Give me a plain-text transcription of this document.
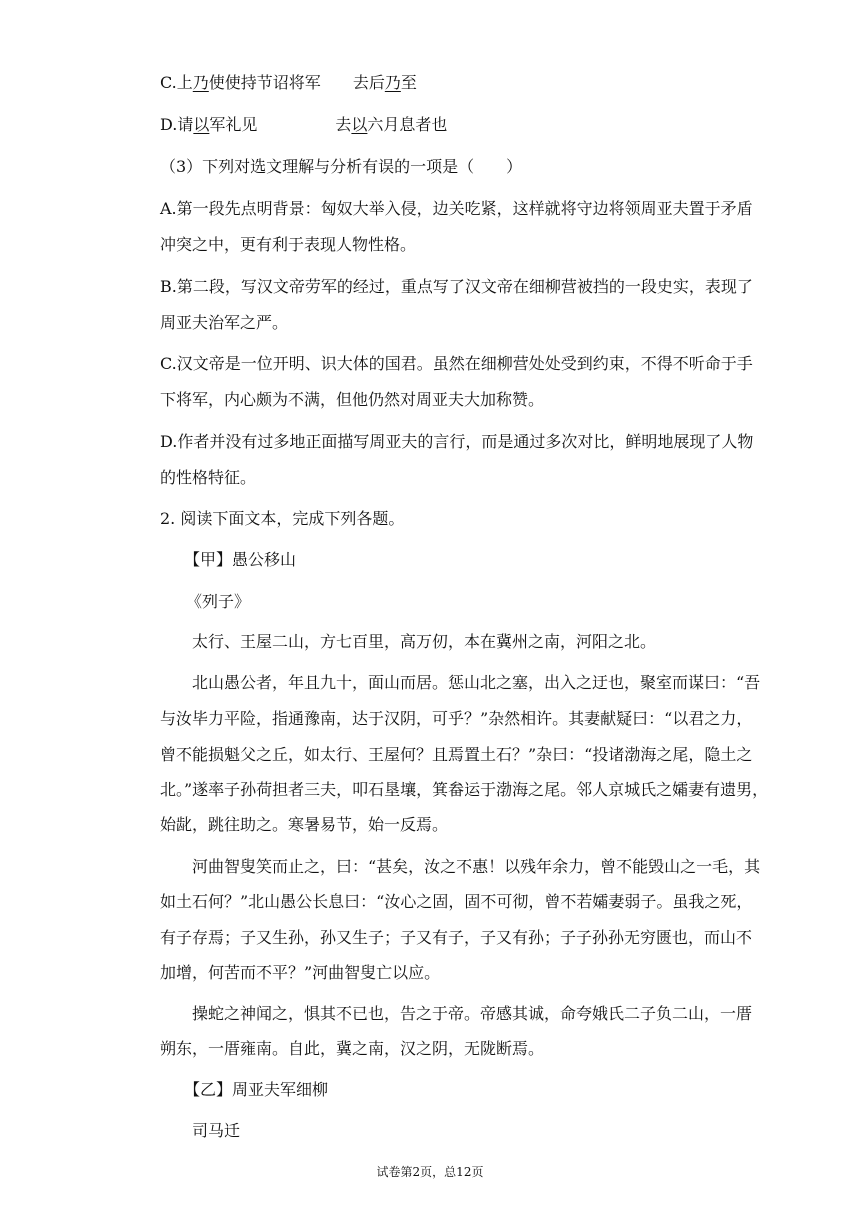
C.上乃使使持节诏将军 去后乃至
D.请以军礼见	去以六月息者也
（3）下列对选文理解与分析有误的一项是（　　）
A.第一段先点明背景：匈奴大举入侵，边关吃紧，这样就将守边将领周亚夫置于矛盾
冲突之中，更有利于表现人物性格。
B.第二段，写汉文帝劳军的经过，重点写了汉文帝在细柳营被挡的一段史实，表现了
周亚夫治军之严。
C.汉文帝是一位开明、识大体的国君。虽然在细柳营处处受到约束，不得不听命于手
下将军，内心颇为不满，但他仍然对周亚夫大加称赞。
D.作者并没有过多地正面描写周亚夫的言行，而是通过多次对比，鲜明地展现了人物
的性格特征。
2. 阅读下面文本，完成下列各题。
【甲】愚公移山
《列子》
太行、王屋二山，方七百里，高万仞，本在冀州之南，河阳之北。
北山愚公者，年且九十，面山而居。惩山北之塞，出入之迂也，聚室而谋曰：“吾
与汝毕力平险，指通豫南，达于汉阴，可乎？”杂然相许。其妻献疑曰：“以君之力，
曾不能损魁父之丘，如太行、王屋何？且焉置土石？”杂曰：“投诸渤海之尾，隐土之
北。”遂率子孙荷担者三夫，叩石垦壤，箕畚运于渤海之尾。邻人京城氏之孀妻有遗男，
始龀，跳往助之。寒暑易节，始一反焉。
河曲智叟笑而止之，曰：“甚矣，汝之不惠！以残年余力，曾不能毁山之一毛，其
如土石何？”北山愚公长息曰：“汝心之固，固不可彻，曾不若孀妻弱子。虽我之死，
有子存焉；子又生孙，孙又生子；子又有子，子又有孙；子子孙孙无穷匮也，而山不
加增，何苦而不平？”河曲智叟亡以应。
操蛇之神闻之，惧其不已也，告之于帝。帝感其诚，命夸娥氏二子负二山，一厝
朔东，一厝雍南。自此，冀之南，汉之阴，无陇断焉。
【乙】周亚夫军细柳
司马迁
试卷第2页，总12页
